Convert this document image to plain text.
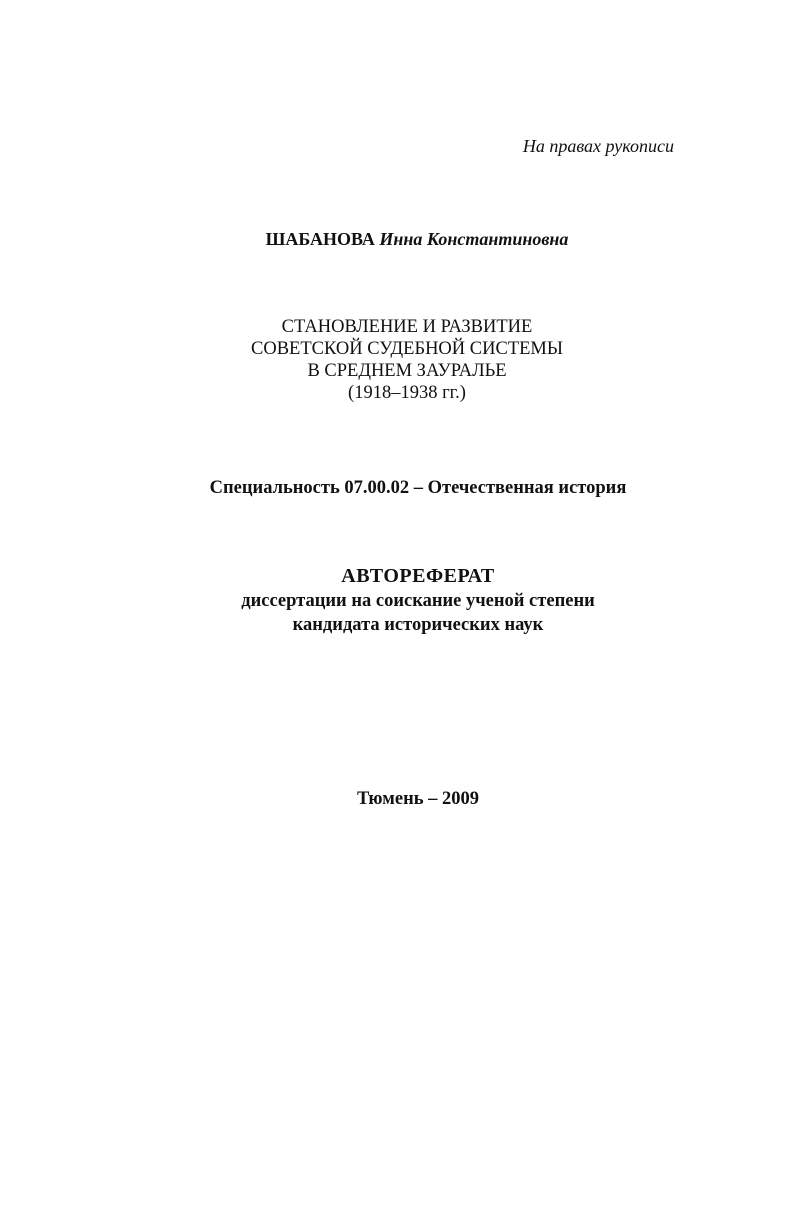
На правах рукописи
ШАБАНОВА Инна Константиновна
СТАНОВЛЕНИЕ И РАЗВИТИЕ
СОВЕТСКОЙ СУДЕБНОЙ СИСТЕМЫ
В СРЕДНЕМ ЗАУРАЛЬЕ
(1918–1938 гг.)
Специальность 07.00.02 – Отечественная история
АВТОРЕФЕРАТ
диссертации на соискание ученой степени
кандидата исторических наук
Тюмень – 2009
